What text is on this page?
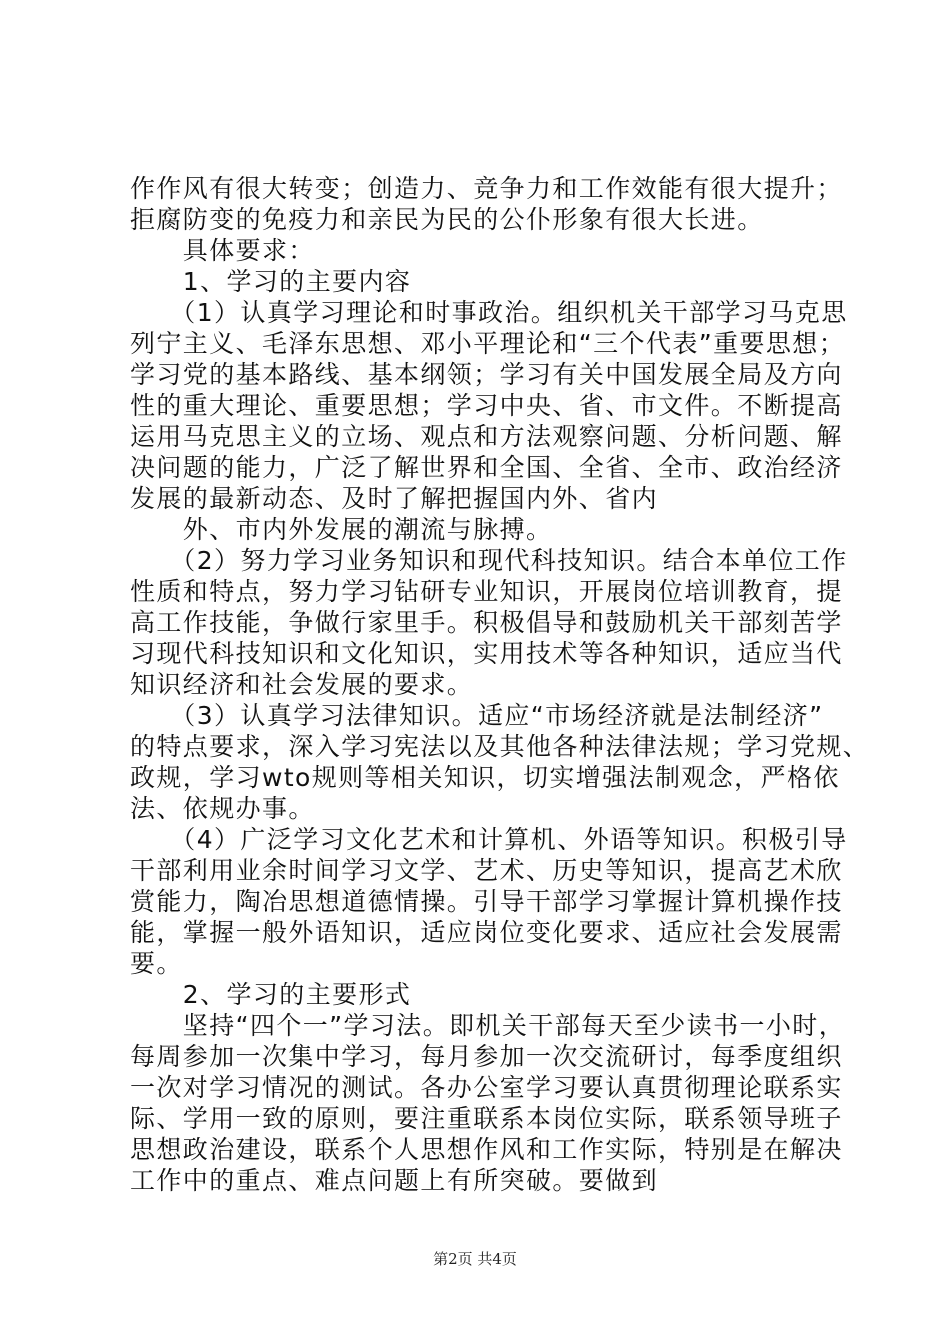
作作风有很大转变；创造力、竞争力和工作效能有很大提升；
拒腐防变的免疫力和亲民为民的公仆形象有很大长进。
　　具体要求：
　　1、学习的主要内容
　　（1）认真学习理论和时事政治。组织机关干部学习马克思
列宁主义、毛泽东思想、邓小平理论和“三个代表”重要思想；
学习党的基本路线、基本纲领；学习有关中国发展全局及方向
性的重大理论、重要思想；学习中央、省、市文件。不断提高
运用马克思主义的立场、观点和方法观察问题、分析问题、解
决问题的能力，广泛了解世界和全国、全省、全市、政治经济
发展的最新动态、及时了解把握国内外、省内
　　外、市内外发展的潮流与脉搏。
　　（2）努力学习业务知识和现代科技知识。结合本单位工作
性质和特点，努力学习钻研专业知识，开展岗位培训教育，提
高工作技能，争做行家里手。积极倡导和鼓励机关干部刻苦学
习现代科技知识和文化知识，实用技术等各种知识，适应当代
知识经济和社会发展的要求。
　　（3）认真学习法律知识。适应“市场经济就是法制经济”
的特点要求，深入学习宪法以及其他各种法律法规；学习党规、
政规，学习wto规则等相关知识，切实增强法制观念，严格依
法、依规办事。
　　（4）广泛学习文化艺术和计算机、外语等知识。积极引导
干部利用业余时间学习文学、艺术、历史等知识，提高艺术欣
赏能力，陶冶思想道德情操。引导干部学习掌握计算机操作技
能，掌握一般外语知识，适应岗位变化要求、适应社会发展需
要。
　　2、学习的主要形式
　　坚持“四个一”学习法。即机关干部每天至少读书一小时，
每周参加一次集中学习，每月参加一次交流研讨，每季度组织
一次对学习情况的测试。各办公室学习要认真贯彻理论联系实
际、学用一致的原则，要注重联系本岗位实际，联系领导班子
思想政治建设，联系个人思想作风和工作实际，特别是在解决
工作中的重点、难点问题上有所突破。要做到
第2页 共4页
